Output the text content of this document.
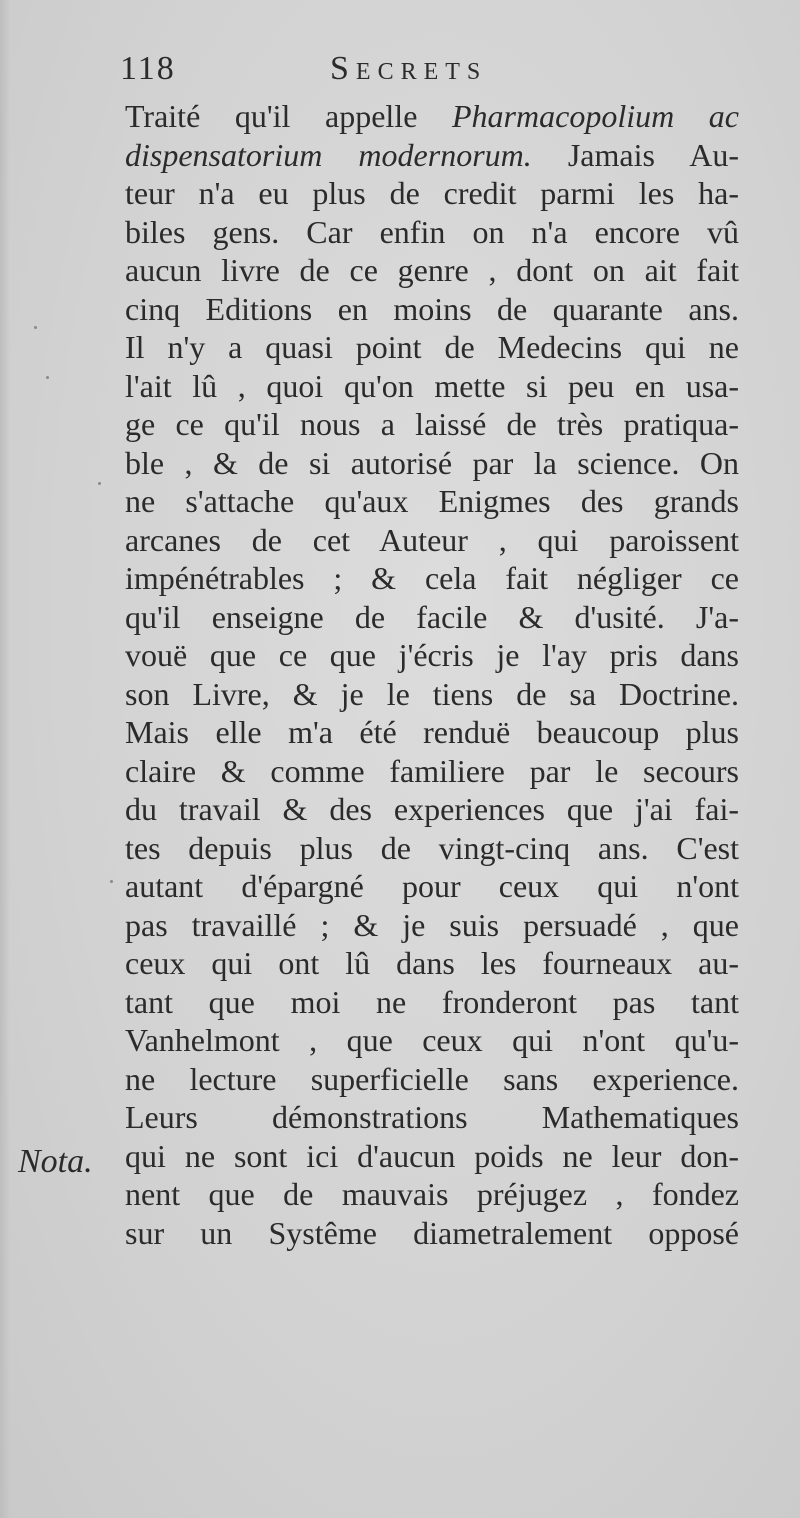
118	Secrets
Nota.
Traité qu'il appelle Pharmacopolium ac
dispensatorium modernorum. Jamais Au-
teur n'a eu plus de credit parmi les ha-
biles gens. Car enfin on n'a encore vû
aucun livre de ce genre , dont on ait fait
cinq Editions en moins de quarante ans.
Il n'y a quasi point de Medecins qui ne
l'ait lû , quoi qu'on mette si peu en usa-
ge ce qu'il nous a laissé de très pratiqua-
ble , & de si autorisé par la science. On
ne s'attache qu'aux Enigmes des grands
arcanes de cet Auteur , qui paroissent
impénétrables ; & cela fait négliger ce
qu'il enseigne de facile & d'usité. J'a-
vouë que ce que j'écris je l'ay pris dans
son Livre, & je le tiens de sa Doctrine.
Mais elle m'a été renduë beaucoup plus
claire & comme familiere par le secours
du travail & des experiences que j'ai fai-
tes depuis plus de vingt-cinq ans. C'est
autant d'épargné pour ceux qui n'ont
pas travaillé ; & je suis persuadé , que
ceux qui ont lû dans les fourneaux au-
tant que moi ne fronderont pas tant
Vanhelmont , que ceux qui n'ont qu'u-
ne lecture superficielle sans experience.
Leurs démonstrations Mathematiques
qui ne sont ici d'aucun poids ne leur don-
nent que de mauvais préjugez , fondez
sur un Systême diametralement opposé
